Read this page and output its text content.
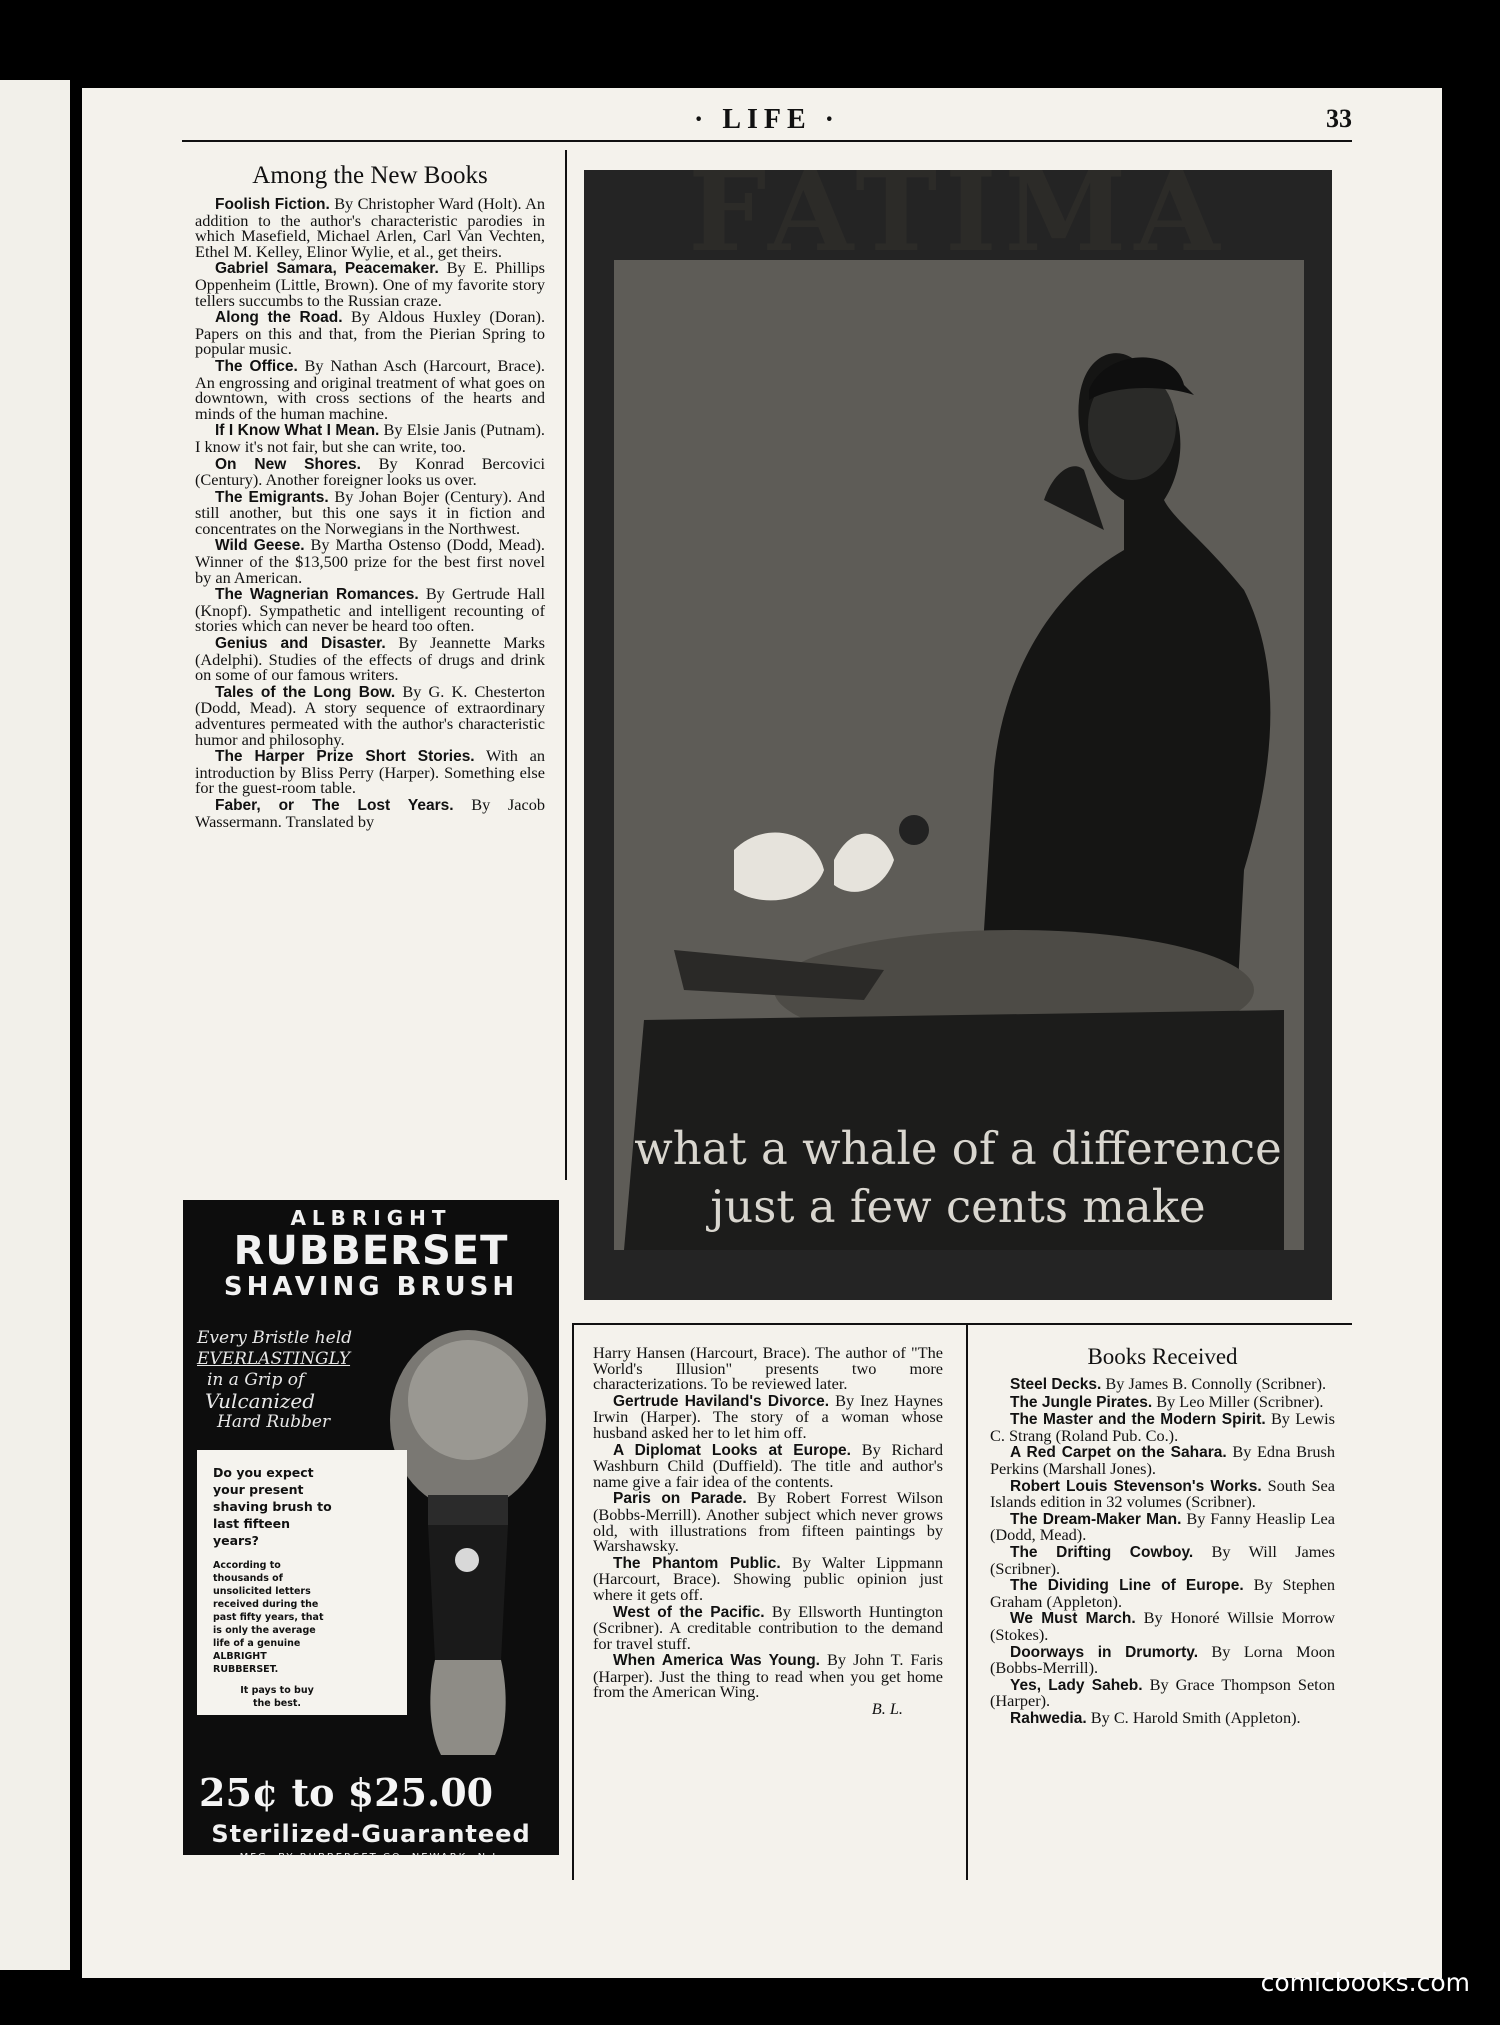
· LIFE ·	33
Among the New Books
Foolish Fiction. By Christopher Ward (Holt). An addition to the author's characteristic parodies in which Masefield, Michael Arlen, Carl Van Vechten, Ethel M. Kelley, Elinor Wylie, et al., get theirs.
Gabriel Samara, Peacemaker. By E. Phillips Oppenheim (Little, Brown). One of my favorite story tellers succumbs to the Russian craze.
Along the Road. By Aldous Huxley (Doran). Papers on this and that, from the Pierian Spring to popular music.
The Office. By Nathan Asch (Harcourt, Brace). An engrossing and original treatment of what goes on downtown, with cross sections of the hearts and minds of the human machine.
If I Know What I Mean. By Elsie Janis (Putnam). I know it's not fair, but she can write, too.
On New Shores. By Konrad Bercovici (Century). Another foreigner looks us over.
The Emigrants. By Johan Bojer (Century). And still another, but this one says it in fiction and concentrates on the Norwegians in the Northwest.
Wild Geese. By Martha Ostenso (Dodd, Mead). Winner of the $13,500 prize for the best first novel by an American.
The Wagnerian Romances. By Gertrude Hall (Knopf). Sympathetic and intelligent recounting of stories which can never be heard too often.
Genius and Disaster. By Jeannette Marks (Adelphi). Studies of the effects of drugs and drink on some of our famous writers.
Tales of the Long Bow. By G. K. Chesterton (Dodd, Mead). A story sequence of extraordinary adventures permeated with the author's characteristic humor and philosophy.
The Harper Prize Short Stories. With an introduction by Bliss Perry (Harper). Something else for the guest-room table.
Faber, or The Lost Years. By Jacob Wassermann. Translated by
FATIMA
what a whale of a difference
just a few cents make
ALBRIGHT
RUBBERSET
SHAVING BRUSH
Every Bristle held
EVERLASTINGLY
in a Grip of
Vulcanized
Hard Rubber
Do you expect your present shaving brush to last fifteen years?
According to thousands of unsolicited letters received during the past fifty years, that is only the average life of a genuine ALBRIGHT RUBBERSET.
It pays to buy the best.
25¢ to $25.00
Sterilized-Guaranteed
MFG. BY RUBBERSET CO. NEWARK, N.J.
Harry Hansen (Harcourt, Brace). The author of "The World's Illusion" presents two more characterizations. To be reviewed later.
Gertrude Haviland's Divorce. By Inez Haynes Irwin (Harper). The story of a woman whose husband asked her to let him off.
A Diplomat Looks at Europe. By Richard Washburn Child (Duffield). The title and author's name give a fair idea of the contents.
Paris on Parade. By Robert Forrest Wilson (Bobbs-Merrill). Another subject which never grows old, with illustrations from fifteen paintings by Warshawsky.
The Phantom Public. By Walter Lippmann (Harcourt, Brace). Showing public opinion just where it gets off.
West of the Pacific. By Ellsworth Huntington (Scribner). A creditable contribution to the demand for travel stuff.
When America Was Young. By John T. Faris (Harper). Just the thing to read when you get home from the American Wing.
B. L.
Books Received
Steel Decks. By James B. Connolly (Scribner).
The Jungle Pirates. By Leo Miller (Scribner).
The Master and the Modern Spirit. By Lewis C. Strang (Roland Pub. Co.).
A Red Carpet on the Sahara. By Edna Brush Perkins (Marshall Jones).
Robert Louis Stevenson's Works. South Sea Islands edition in 32 volumes (Scribner).
The Dream-Maker Man. By Fanny Heaslip Lea (Dodd, Mead).
The Drifting Cowboy. By Will James (Scribner).
The Dividing Line of Europe. By Stephen Graham (Appleton).
We Must March. By Honoré Willsie Morrow (Stokes).
Doorways in Drumorty. By Lorna Moon (Bobbs-Merrill).
Yes, Lady Saheb. By Grace Thompson Seton (Harper).
Rahwedia. By C. Harold Smith (Appleton).
comicbooks.com
